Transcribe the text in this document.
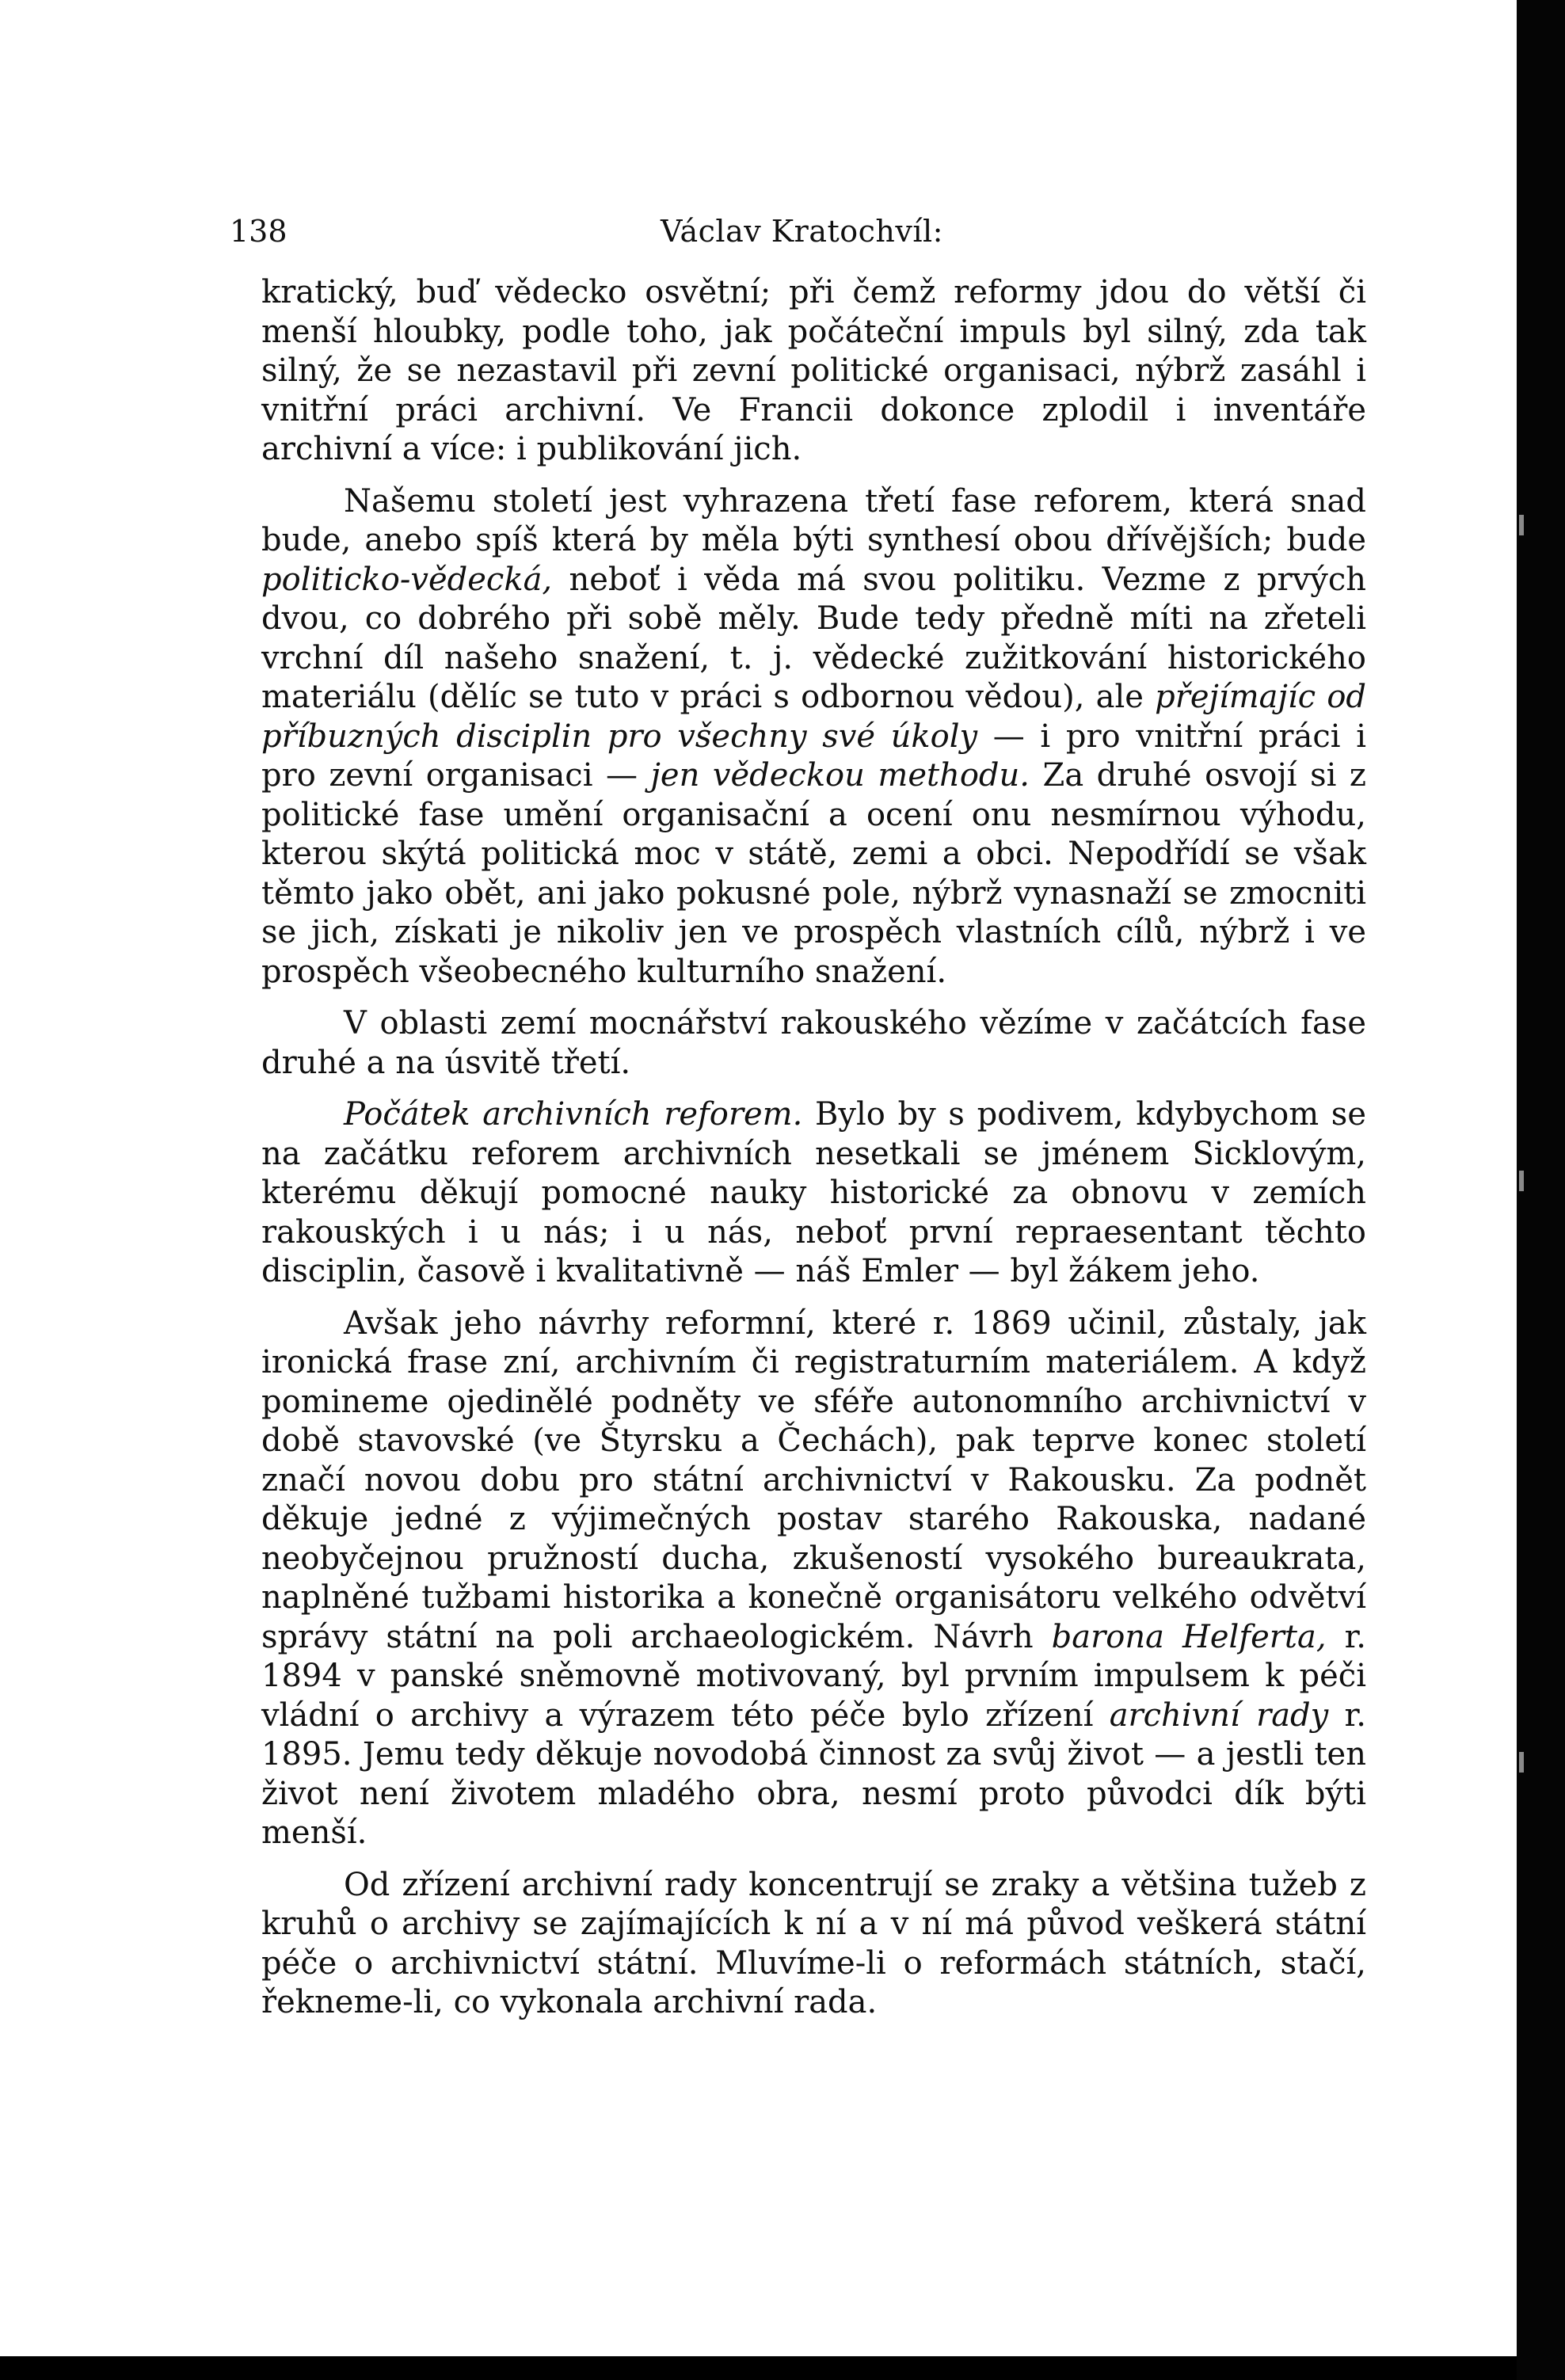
138	Václav Kratochvíl:

kratický, buď vědecko osvětní; při čemž reformy jdou do větší či menší hloubky, podle toho, jak počáteční impuls byl silný, zda tak silný, že se nezastavil při zevní politické organisaci, nýbrž zasáhl i vnitřní práci archivní. Ve Francii dokonce zplodil i inventáře archivní a více: i publikování jich.

Našemu století jest vyhrazena třetí fase reforem, která snad bude, anebo spíš která by měla býti synthesí obou dřívějších; bude politicko-vědecká, neboť i věda má svou politiku. Vezme z prvých dvou, co dobrého při sobě měly. Bude tedy předně míti na zřeteli vrchní díl našeho snažení, t. j. vědecké zužitkování historického materiálu (dělíc se tuto v práci s odbornou vědou), ale přejímajíc od příbuzných disciplin pro všechny své úkoly — i pro vnitřní práci i pro zevní organisaci — jen vědeckou methodu. Za druhé osvojí si z politické fase umění organisační a ocení onu nesmírnou výhodu, kterou skýtá politická moc v státě, zemi a obci. Nepodřídí se však těmto jako obět, ani jako pokusné pole, nýbrž vynasnaží se zmocniti se jich, získati je nikoliv jen ve prospěch vlastních cílů, nýbrž i ve prospěch všeobecného kulturního snažení.

V oblasti zemí mocnářství rakouského vězíme v začátcích fase druhé a na úsvitě třetí.

Počátek archivních reforem. Bylo by s podivem, kdybychom se na začátku reforem archivních nesetkali se jménem Sicklovým, kterému děkují pomocné nauky historické za obnovu v zemích rakouských i u nás; i u nás, neboť první repraesentant těchto disciplin, časově i kvalitativně — náš Emler — byl žákem jeho.

Avšak jeho návrhy reformní, které r. 1869 učinil, zůstaly, jak ironická frase zní, archivním či registraturním materiálem. A když pomineme ojedinělé podněty ve sféře autonomního archivnictví v době stavovské (ve Štyrsku a Čechách), pak teprve konec století značí novou dobu pro státní archivnictví v Rakousku. Za podnět děkuje jedné z výjimečných postav starého Rakouska, nadané neobyčejnou pružností ducha, zkušeností vysokého bureaukrata, naplněné tužbami historika a konečně organisátoru velkého odvětví správy státní na poli archaeologickém. Návrh barona Helferta, r. 1894 v panské sněmovně motivovaný, byl prvním impulsem k péči vládní o archivy a výrazem této péče bylo zřízení archivní rady r. 1895. Jemu tedy děkuje novodobá činnost za svůj život — a jestli ten život není životem mladého obra, nesmí proto původci dík býti menší.

Od zřízení archivní rady koncentrují se zraky a většina tužeb z kruhů o archivy se zajímajících k ní a v ní má původ veškerá státní péče o archivnictví státní. Mluvíme-li o reformách státních, stačí, řekneme-li, co vykonala archivní rada.
